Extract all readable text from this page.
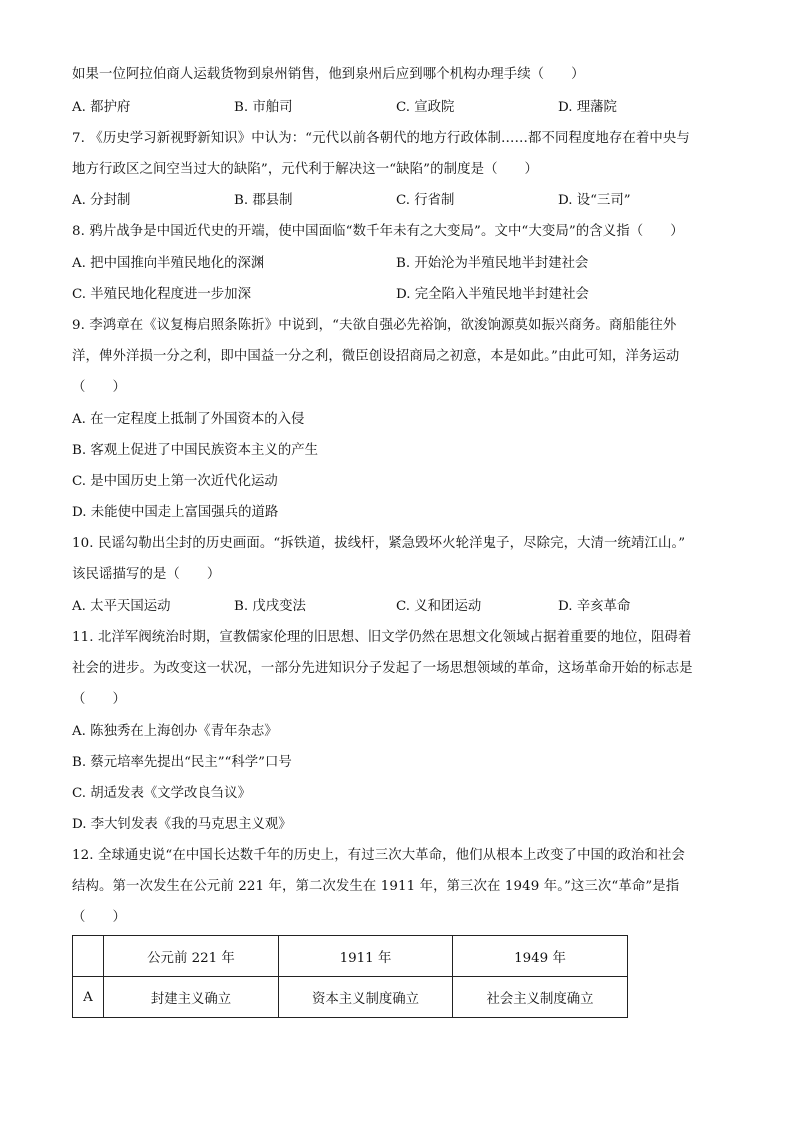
如果一位阿拉伯商人运载货物到泉州销售，他到泉州后应到哪个机构办理手续（　　）
A. 都护府	B. 市舶司	C. 宣政院	D. 理藩院
7. 《历史学习新视野新知识》中认为：“元代以前各朝代的地方行政体制……都不同程度地存在着中央与
地方行政区之间空当过大的缺陷”，元代利于解决这一“缺陷”的制度是（　　）
A. 分封制	B. 郡县制	C. 行省制	D. 设“三司”
8. 鸦片战争是中国近代史的开端，使中国面临“数千年未有之大变局”。文中“大变局”的含义指（　　）
A. 把中国推向半殖民地化的深渊	B. 开始沦为半殖民地半封建社会
C. 半殖民地化程度进一步加深	D. 完全陷入半殖民地半封建社会
9. 李鸿章在《议复梅启照条陈折》中说到，“夫欲自强必先裕饷，欲浚饷源莫如振兴商务。商船能往外
洋，俾外洋损一分之利，即中国益一分之利，微臣创设招商局之初意，本是如此。”由此可知，洋务运动
（　　）
A. 在一定程度上抵制了外国资本的入侵
B. 客观上促进了中国民族资本主义的产生
C. 是中国历史上第一次近代化运动
D. 未能使中国走上富国强兵的道路
10. 民谣勾勒出尘封的历史画面。“拆铁道，拔线杆，紧急毁坏火轮洋鬼子，尽除完，大清一统靖江山。”
该民谣描写的是（　　）
A. 太平天国运动	B. 戊戌变法	C. 义和团运动	D. 辛亥革命
11. 北洋军阀统治时期，宣教儒家伦理的旧思想、旧文学仍然在思想文化领域占据着重要的地位，阻碍着
社会的进步。为改变这一状况，一部分先进知识分子发起了一场思想领域的革命，这场革命开始的标志是
（　　）
A. 陈独秀在上海创办《青年杂志》
B. 蔡元培率先提出“民主”“科学”口号
C. 胡适发表《文学改良刍议》
D. 李大钊发表《我的马克思主义观》
12. 全球通史说“在中国长达数千年的历史上，有过三次大革命，他们从根本上改变了中国的政治和社会
结构。第一次发生在公元前 221 年，第二次发生在 1911 年，第三次在 1949 年。”这三次“革命”是指
（　　）
	公元前 221 年	1911 年	1949 年
A	封建主义确立	资本主义制度确立	社会主义制度确立
